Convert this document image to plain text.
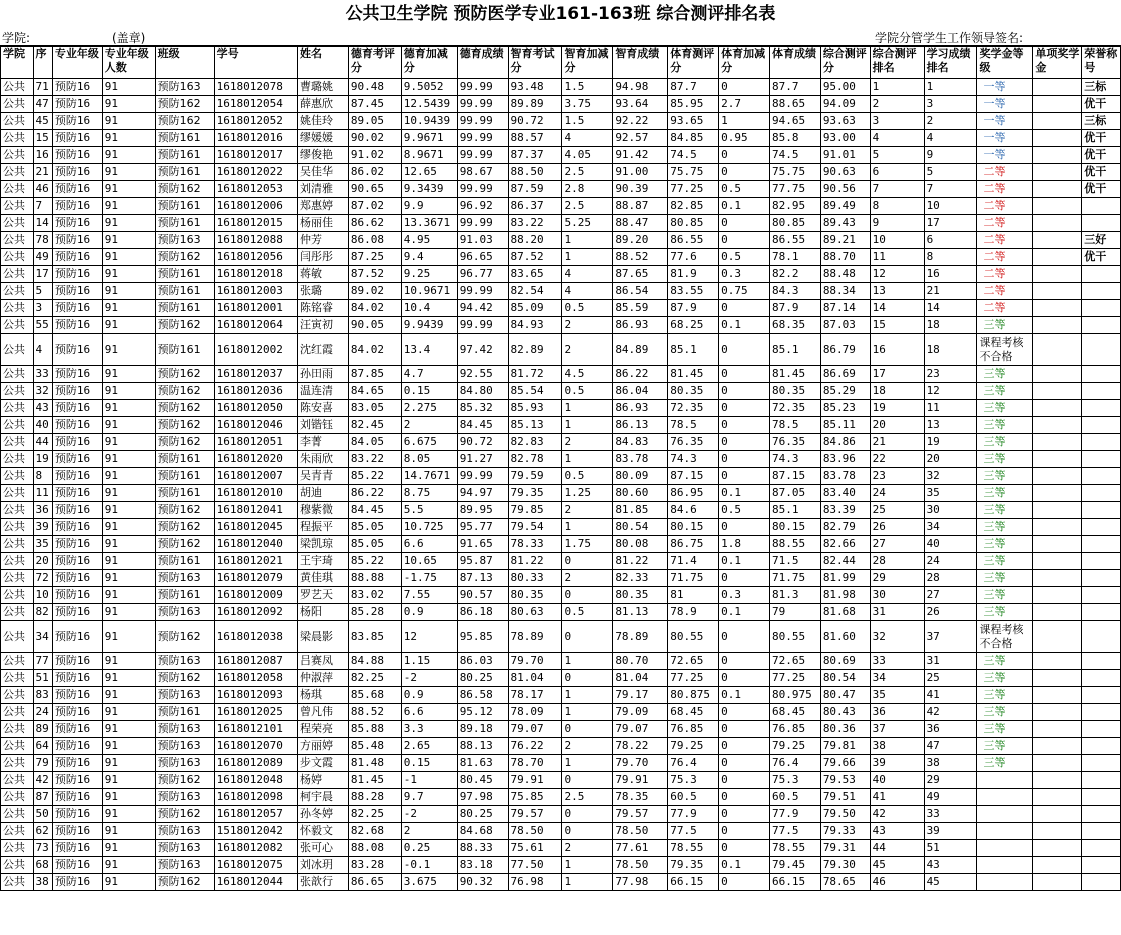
公共卫生学院 预防医学专业161-163班 综合测评排名表
学院:	(盖章)	学院分管学生工作领导签名:
学院	序	专业年级	专业年级人数	班级	学号	姓名	德育考评分	德育加减分	德育成绩	智育考试分	智育加减分	智育成绩	体育测评分	体育加减分	体育成绩	综合测评分	综合测评排名	学习成绩排名	奖学金等级	单项奖学金	荣誉称号
公共	71	预防16	91	预防163	1618012078	曹璐姚	90.48	9.5052	99.99	93.48	1.5	94.98	87.7	0	87.7	95.00	1	1	一等		三标
公共	47	预防16	91	预防162	1618012054	薛惠欣	87.45	12.5439	99.99	89.89	3.75	93.64	85.95	2.7	88.65	94.09	2	3	一等		优干
公共	45	预防16	91	预防162	1618012052	姚佳玲	89.05	10.9439	99.99	90.72	1.5	92.22	93.65	1	94.65	93.63	3	2	一等		三标
公共	15	预防16	91	预防161	1618012016	缪媛媛	90.02	9.9671	99.99	88.57	4	92.57	84.85	0.95	85.8	93.00	4	4	一等		优干
公共	16	预防16	91	预防161	1618012017	缪俊艳	91.02	8.9671	99.99	87.37	4.05	91.42	74.5	0	74.5	91.01	5	9	一等		优干
公共	21	预防16	91	预防161	1618012022	吴佳华	86.02	12.65	98.67	88.50	2.5	91.00	75.75	0	75.75	90.63	6	5	二等		优干
公共	46	预防16	91	预防162	1618012053	刘清雅	90.65	9.3439	99.99	87.59	2.8	90.39	77.25	0.5	77.75	90.56	7	7	二等		优干
公共	7	预防16	91	预防161	1618012006	郑惠婷	87.02	9.9	96.92	86.37	2.5	88.87	82.85	0.1	82.95	89.49	8	10	二等		
公共	14	预防16	91	预防161	1618012015	杨丽佳	86.62	13.3671	99.99	83.22	5.25	88.47	80.85	0	80.85	89.43	9	17	二等		
公共	78	预防16	91	预防163	1618012088	仲芳	86.08	4.95	91.03	88.20	1	89.20	86.55	0	86.55	89.21	10	6	二等		三好
公共	49	预防16	91	预防162	1618012056	闫彤彤	87.25	9.4	96.65	87.52	1	88.52	77.6	0.5	78.1	88.70	11	8	二等		优干
公共	17	预防16	91	预防161	1618012018	蒋敏	87.52	9.25	96.77	83.65	4	87.65	81.9	0.3	82.2	88.48	12	16	二等		
公共	5	预防16	91	预防161	1618012003	张璐	89.02	10.9671	99.99	82.54	4	86.54	83.55	0.75	84.3	88.34	13	21	二等		
公共	3	预防16	91	预防161	1618012001	陈铭睿	84.02	10.4	94.42	85.09	0.5	85.59	87.9	0	87.9	87.14	14	14	二等		
公共	55	预防16	91	预防162	1618012064	汪寅初	90.05	9.9439	99.99	84.93	2	86.93	68.25	0.1	68.35	87.03	15	18	三等		
公共	4	预防16	91	预防161	1618012002	沈红霞	84.02	13.4	97.42	82.89	2	84.89	85.1	0	85.1	86.79	16	18	课程考核不合格		
公共	33	预防16	91	预防162	1618012037	孙田雨	87.85	4.7	92.55	81.72	4.5	86.22	81.45	0	81.45	86.69	17	23	三等		
公共	32	预防16	91	预防162	1618012036	温连清	84.65	0.15	84.80	85.54	0.5	86.04	80.35	0	80.35	85.29	18	12	三等		
公共	43	预防16	91	预防162	1618012050	陈安喜	83.05	2.275	85.32	85.93	1	86.93	72.35	0	72.35	85.23	19	11	三等		
公共	40	预防16	91	预防162	1618012046	刘锴钰	82.45	2	84.45	85.13	1	86.13	78.5	0	78.5	85.11	20	13	三等		
公共	44	预防16	91	预防162	1618012051	李菁	84.05	6.675	90.72	82.83	2	84.83	76.35	0	76.35	84.86	21	19	三等		
公共	19	预防16	91	预防161	1618012020	朱雨欣	83.22	8.05	91.27	82.78	1	83.78	74.3	0	74.3	83.96	22	20	三等		
公共	8	预防16	91	预防161	1618012007	吴青青	85.22	14.7671	99.99	79.59	0.5	80.09	87.15	0	87.15	83.78	23	32	三等		
公共	11	预防16	91	预防161	1618012010	胡迪	86.22	8.75	94.97	79.35	1.25	80.60	86.95	0.1	87.05	83.40	24	35	三等		
公共	36	预防16	91	预防162	1618012041	穆紫微	84.45	5.5	89.95	79.85	2	81.85	84.6	0.5	85.1	83.39	25	30	三等		
公共	39	预防16	91	预防162	1618012045	程振平	85.05	10.725	95.77	79.54	1	80.54	80.15	0	80.15	82.79	26	34	三等		
公共	35	预防16	91	预防162	1618012040	梁凯琼	85.05	6.6	91.65	78.33	1.75	80.08	86.75	1.8	88.55	82.66	27	40	三等		
公共	20	预防16	91	预防161	1618012021	王宇琦	85.22	10.65	95.87	81.22	0	81.22	71.4	0.1	71.5	82.44	28	24	三等		
公共	72	预防16	91	预防163	1618012079	黄佳琪	88.88	-1.75	87.13	80.33	2	82.33	71.75	0	71.75	81.99	29	28	三等		
公共	10	预防16	91	预防161	1618012009	罗艺天	83.02	7.55	90.57	80.35	0	80.35	81	0.3	81.3	81.98	30	27	三等		
公共	82	预防16	91	预防163	1618012092	杨阳	85.28	0.9	86.18	80.63	0.5	81.13	78.9	0.1	79	81.68	31	26	三等		
公共	34	预防16	91	预防162	1618012038	梁晨影	83.85	12	95.85	78.89	0	78.89	80.55	0	80.55	81.60	32	37	课程考核不合格		
公共	77	预防16	91	预防163	1618012087	吕赛凤	84.88	1.15	86.03	79.70	1	80.70	72.65	0	72.65	80.69	33	31	三等		
公共	51	预防16	91	预防162	1618012058	仲淑萍	82.25	-2	80.25	81.04	0	81.04	77.25	0	77.25	80.54	34	25	三等		
公共	83	预防16	91	预防163	1618012093	杨琪	85.68	0.9	86.58	78.17	1	79.17	80.875	0.1	80.975	80.47	35	41	三等		
公共	24	预防16	91	预防161	1618012025	曾凡伟	88.52	6.6	95.12	78.09	1	79.09	68.45	0	68.45	80.43	36	42	三等		
公共	89	预防16	91	预防163	1618012101	程荣亮	85.88	3.3	89.18	79.07	0	79.07	76.85	0	76.85	80.36	37	36	三等		
公共	64	预防16	91	预防163	1618012070	方丽婷	85.48	2.65	88.13	76.22	2	78.22	79.25	0	79.25	79.81	38	47	三等		
公共	79	预防16	91	预防163	1618012089	步文霞	81.48	0.15	81.63	78.70	1	79.70	76.4	0	76.4	79.66	39	38	三等		
公共	42	预防16	91	预防162	1618012048	杨婷	81.45	-1	80.45	79.91	0	79.91	75.3	0	75.3	79.53	40	29			
公共	87	预防16	91	预防163	1618012098	柯宇晨	88.28	9.7	97.98	75.85	2.5	78.35	60.5	0	60.5	79.51	41	49			
公共	50	预防16	91	预防162	1618012057	孙冬婷	82.25	-2	80.25	79.57	0	79.57	77.9	0	77.9	79.50	42	33			
公共	62	预防16	91	预防163	1518012042	怀毅文	82.68	2	84.68	78.50	0	78.50	77.5	0	77.5	79.33	43	39			
公共	73	预防16	91	预防163	1618012082	张可心	88.08	0.25	88.33	75.61	2	77.61	78.55	0	78.55	79.31	44	51			
公共	68	预防16	91	预防163	1618012075	刘冰玥	83.28	-0.1	83.18	77.50	1	78.50	79.35	0.1	79.45	79.30	45	43			
公共	38	预防16	91	预防162	1618012044	张歆行	86.65	3.675	90.32	76.98	1	77.98	66.15	0	66.15	78.65	46	45			
